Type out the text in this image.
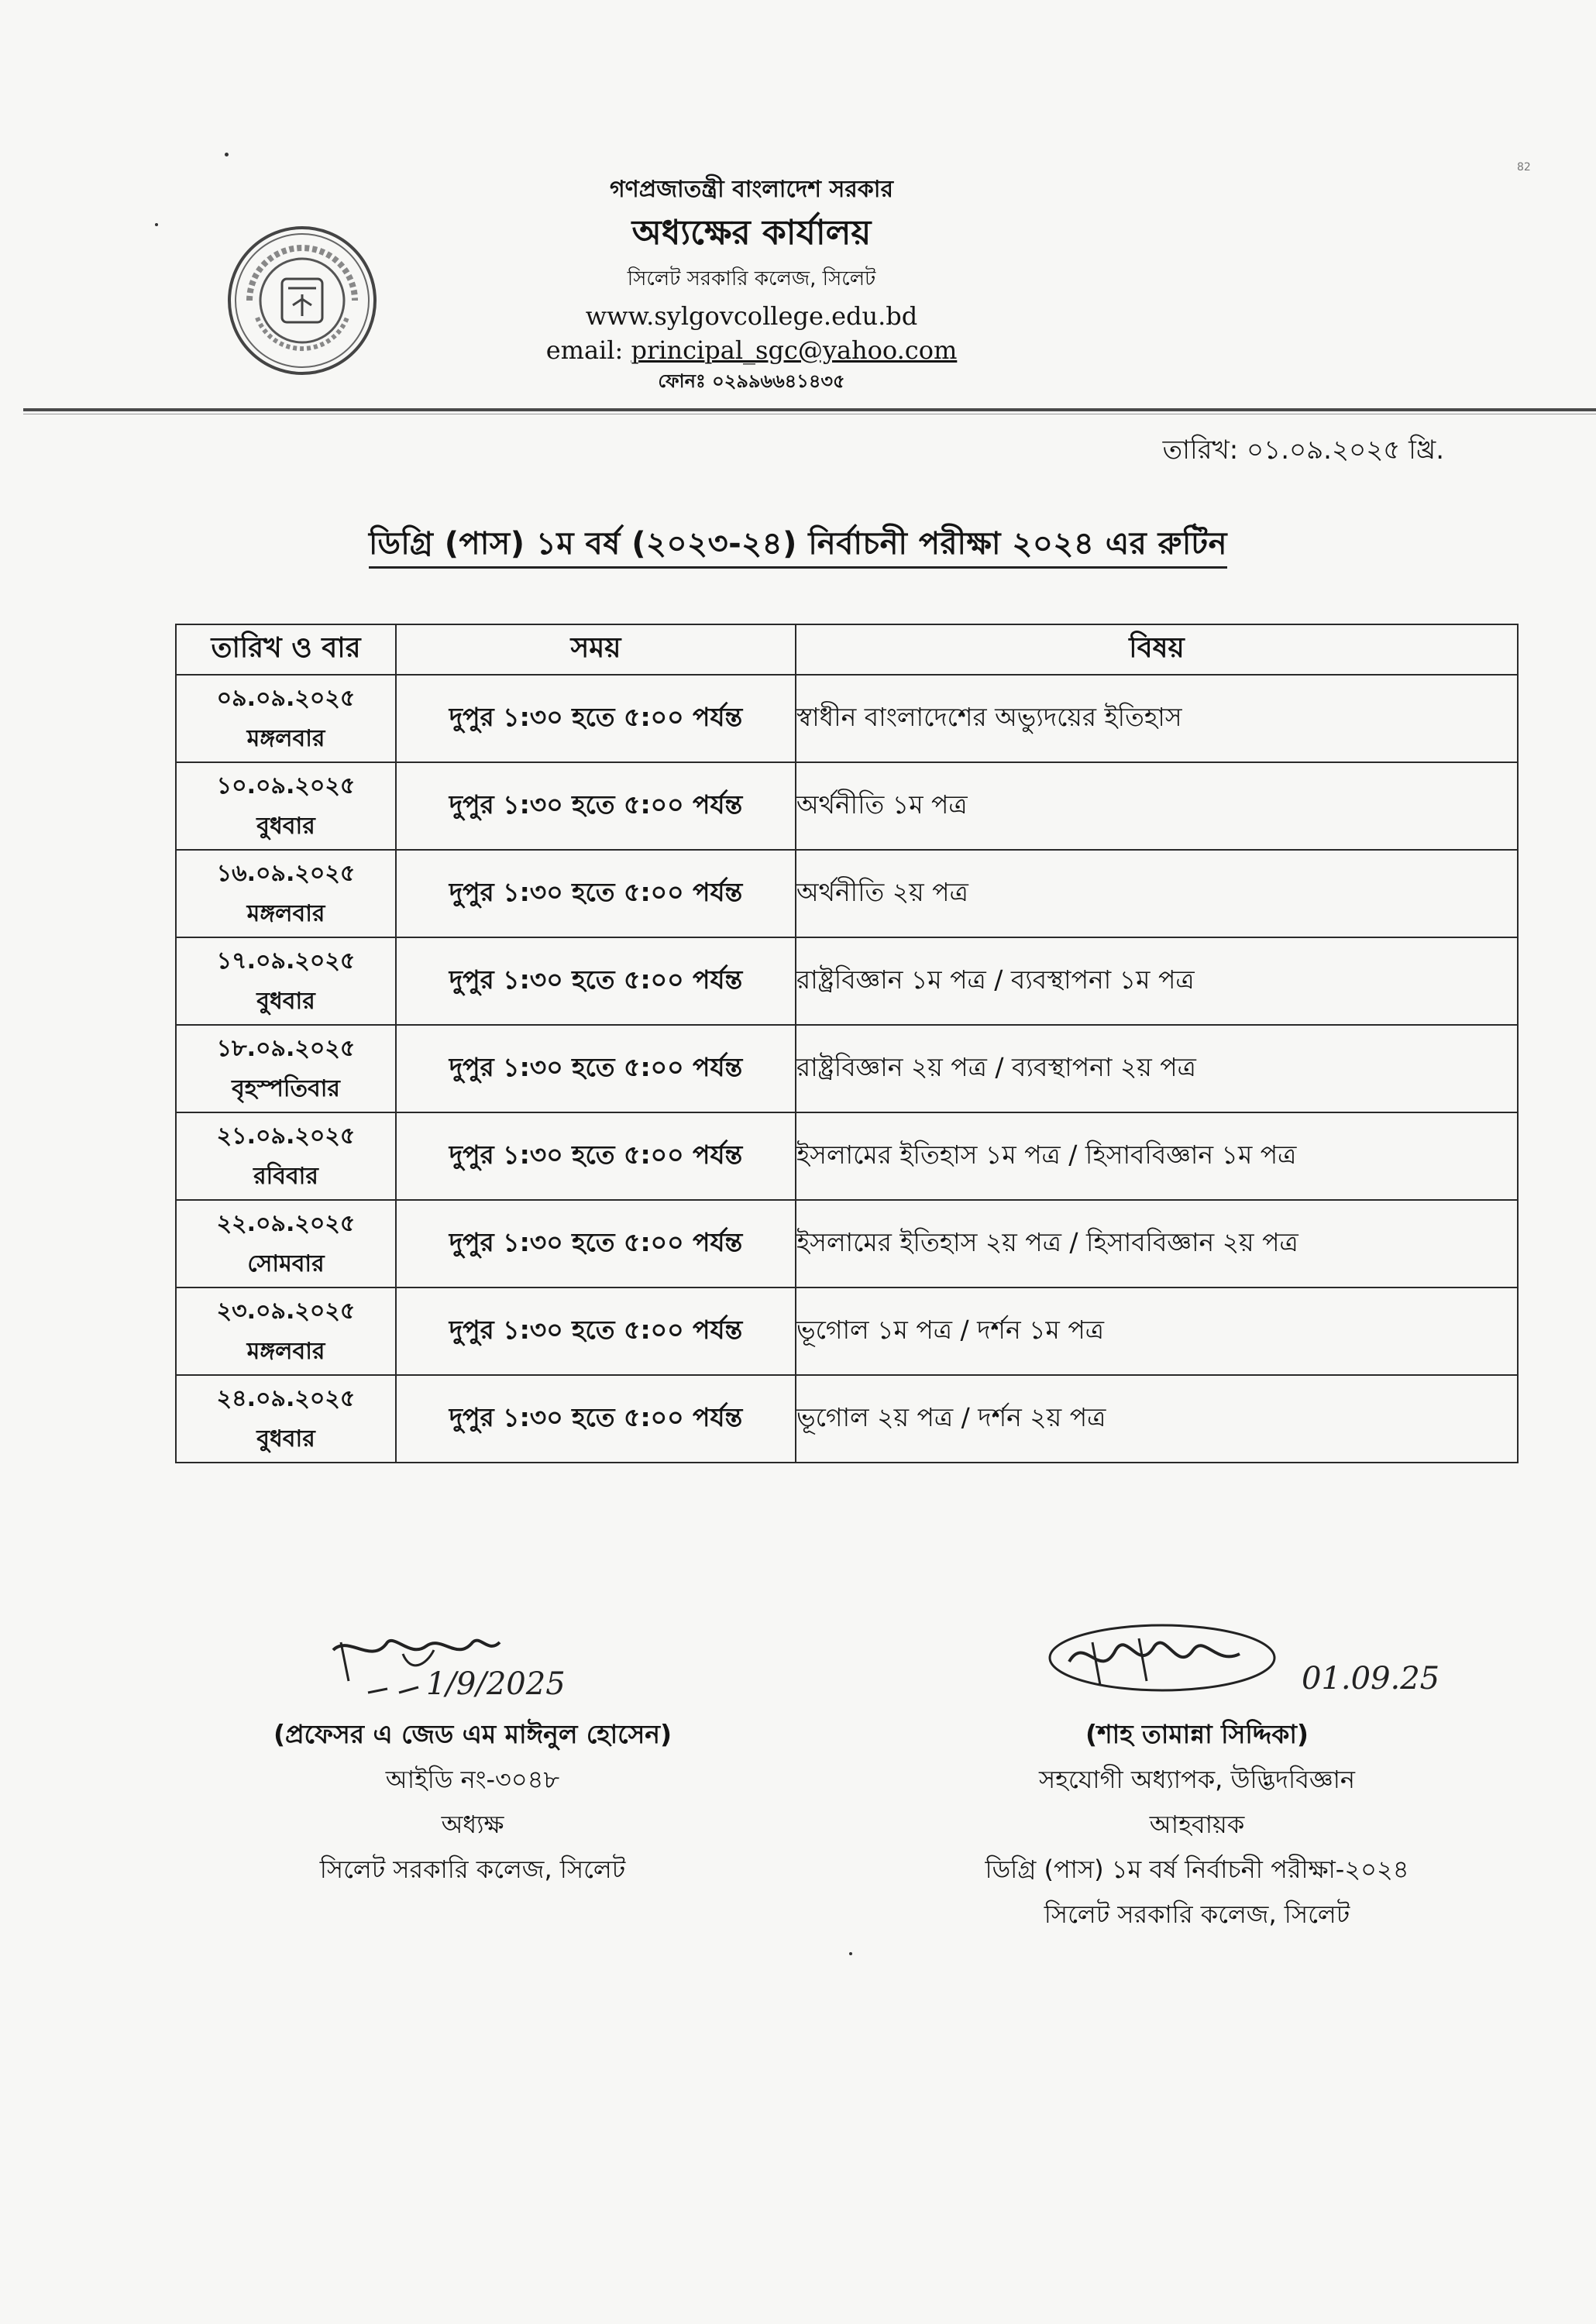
82
গণপ্রজাতন্ত্রী বাংলাদেশ সরকার
অধ্যক্ষের কার্যালয়
সিলেট সরকারি কলেজ, সিলেট
www.sylgovcollege.edu.bd
email: principal_sgc@yahoo.com
ফোনঃ ০২৯৯৬৬৪১৪৩৫
তারিখ: ০১.০৯.২০২৫ খ্রি.
ডিগ্রি (পাস) ১ম বর্ষ (২০২৩-২৪) নির্বাচনী পরীক্ষা ২০২৪ এর রুটিন
তারিখ ও বার	সময়	বিষয়

০৯.০৯.২০২৫
মঙ্গলবার	দুপুর ১:৩০ হতে ৫:০০ পর্যন্ত	স্বাধীন বাংলাদেশের অভ্যুদয়ের ইতিহাস

১০.০৯.২০২৫
বুধবার	দুপুর ১:৩০ হতে ৫:০০ পর্যন্ত	অর্থনীতি ১ম পত্র

১৬.০৯.২০২৫
মঙ্গলবার	দুপুর ১:৩০ হতে ৫:০০ পর্যন্ত	অর্থনীতি ২য় পত্র

১৭.০৯.২০২৫
বুধবার	দুপুর ১:৩০ হতে ৫:০০ পর্যন্ত	রাষ্ট্রবিজ্ঞান ১ম পত্র / ব্যবস্থাপনা ১ম পত্র

১৮.০৯.২০২৫
বৃহস্পতিবার	দুপুর ১:৩০ হতে ৫:০০ পর্যন্ত	রাষ্ট্রবিজ্ঞান ২য় পত্র / ব্যবস্থাপনা ২য় পত্র

২১.০৯.২০২৫
রবিবার	দুপুর ১:৩০ হতে ৫:০০ পর্যন্ত	ইসলামের ইতিহাস ১ম পত্র / হিসাববিজ্ঞান ১ম পত্র

২২.০৯.২০২৫
সোমবার	দুপুর ১:৩০ হতে ৫:০০ পর্যন্ত	ইসলামের ইতিহাস ২য় পত্র / হিসাববিজ্ঞান ২য় পত্র

২৩.০৯.২০২৫
মঙ্গলবার	দুপুর ১:৩০ হতে ৫:০০ পর্যন্ত	ভূগোল ১ম পত্র / দর্শন ১ম পত্র

২৪.০৯.২০২৫
বুধবার	দুপুর ১:৩০ হতে ৫:০০ পর্যন্ত	ভূগোল ২য় পত্র / দর্শন ২য় পত্র
1/9/2025
(প্রফেসর এ জেড এম মাঈনুল হোসেন)
আইডি নং-৩০৪৮
অধ্যক্ষ
সিলেট সরকারি কলেজ, সিলেট
01.09.25
(শাহ তামান্না সিদ্দিকা)
সহযোগী অধ্যাপক, উদ্ভিদবিজ্ঞান
আহবায়ক
ডিগ্রি (পাস) ১ম বর্ষ নির্বাচনী পরীক্ষা-২০২৪
সিলেট সরকারি কলেজ, সিলেট
